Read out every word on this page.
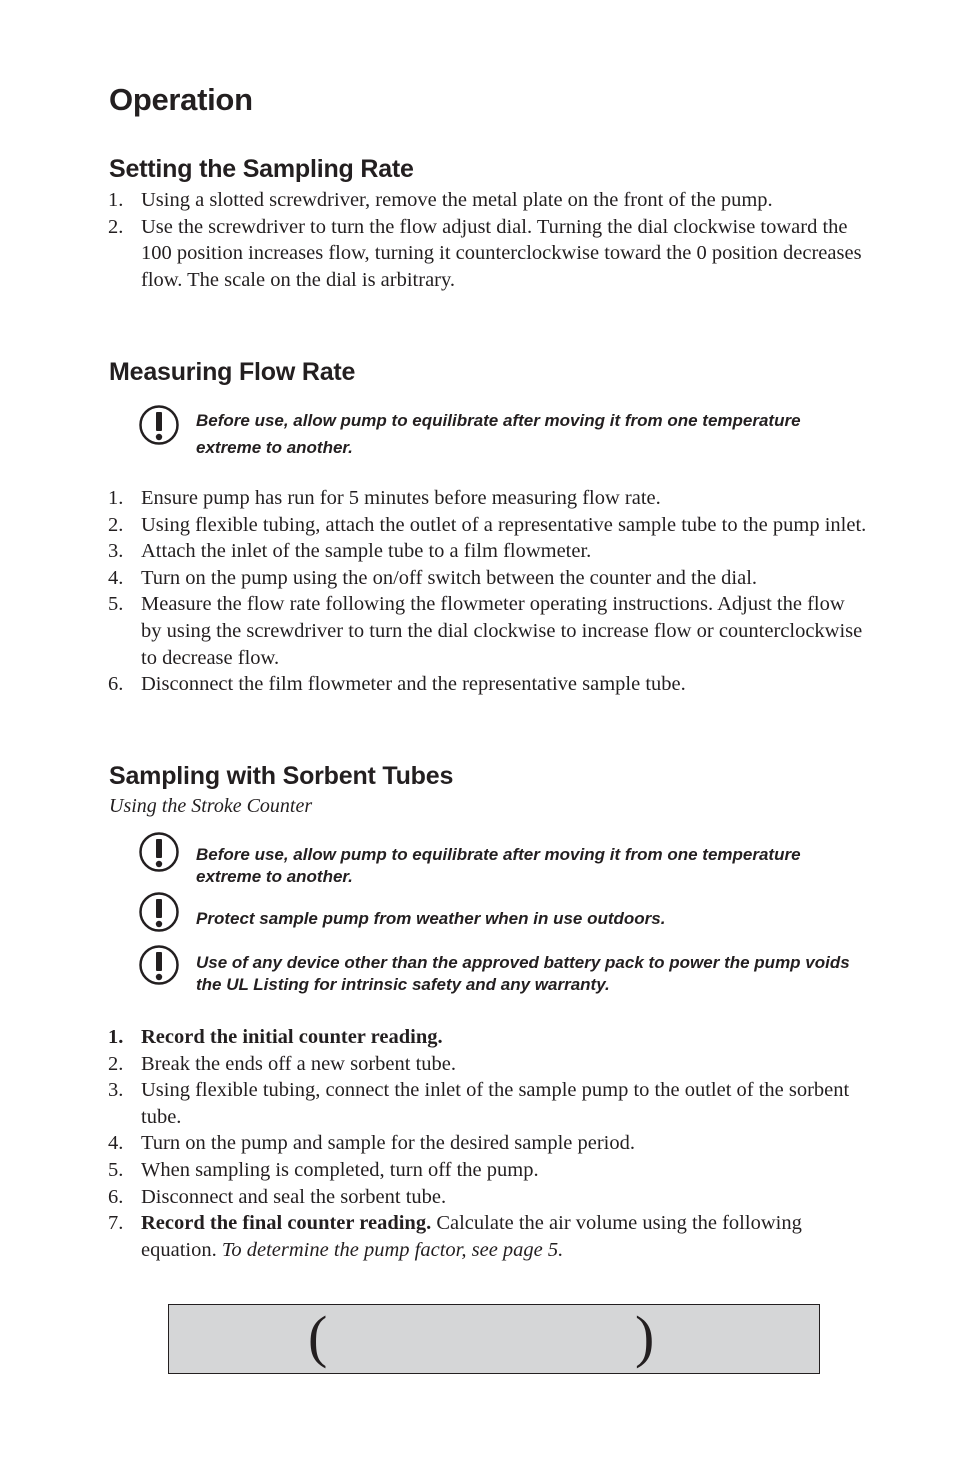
Operation
Setting the Sampling Rate
1. Using a slotted screwdriver, remove the metal plate on the front of the pump.
2. Use the screwdriver to turn the flow adjust dial. Turning the dial clockwise toward the 100 position increases flow, turning it counterclockwise toward the 0 position decreases flow. The scale on the dial is arbitrary.
Measuring Flow Rate
Before use, allow pump to equilibrate after moving it from one temperature extreme to another.
1. Ensure pump has run for 5 minutes before measuring flow rate.
2. Using flexible tubing, attach the outlet of a representative sample tube to the pump inlet.
3. Attach the inlet of the sample tube to a film flowmeter.
4. Turn on the pump using the on/off switch between the counter and the dial.
5. Measure the flow rate following the flowmeter operating instructions. Adjust the flow by using the screwdriver to turn the dial clockwise to increase flow or counterclockwise to decrease flow.
6. Disconnect the film flowmeter and the representative sample tube.
Sampling with Sorbent Tubes
Using the Stroke Counter
Before use, allow pump to equilibrate after moving it from one temperature extreme to another.
Protect sample pump from weather when in use outdoors.
Use of any device other than the approved battery pack to power the pump voids the UL Listing for intrinsic safety and any warranty.
1. Record the initial counter reading.
2. Break the ends off a new sorbent tube.
3. Using flexible tubing, connect the inlet of the sample pump to the outlet of the sorbent tube.
4. Turn on the pump and sample for the desired sample period.
5. When sampling is completed, turn off the pump.
6. Disconnect and seal the sorbent tube.
7. Record the final counter reading. Calculate the air volume using the following equation. To determine the pump factor, see page 5.
(	)
